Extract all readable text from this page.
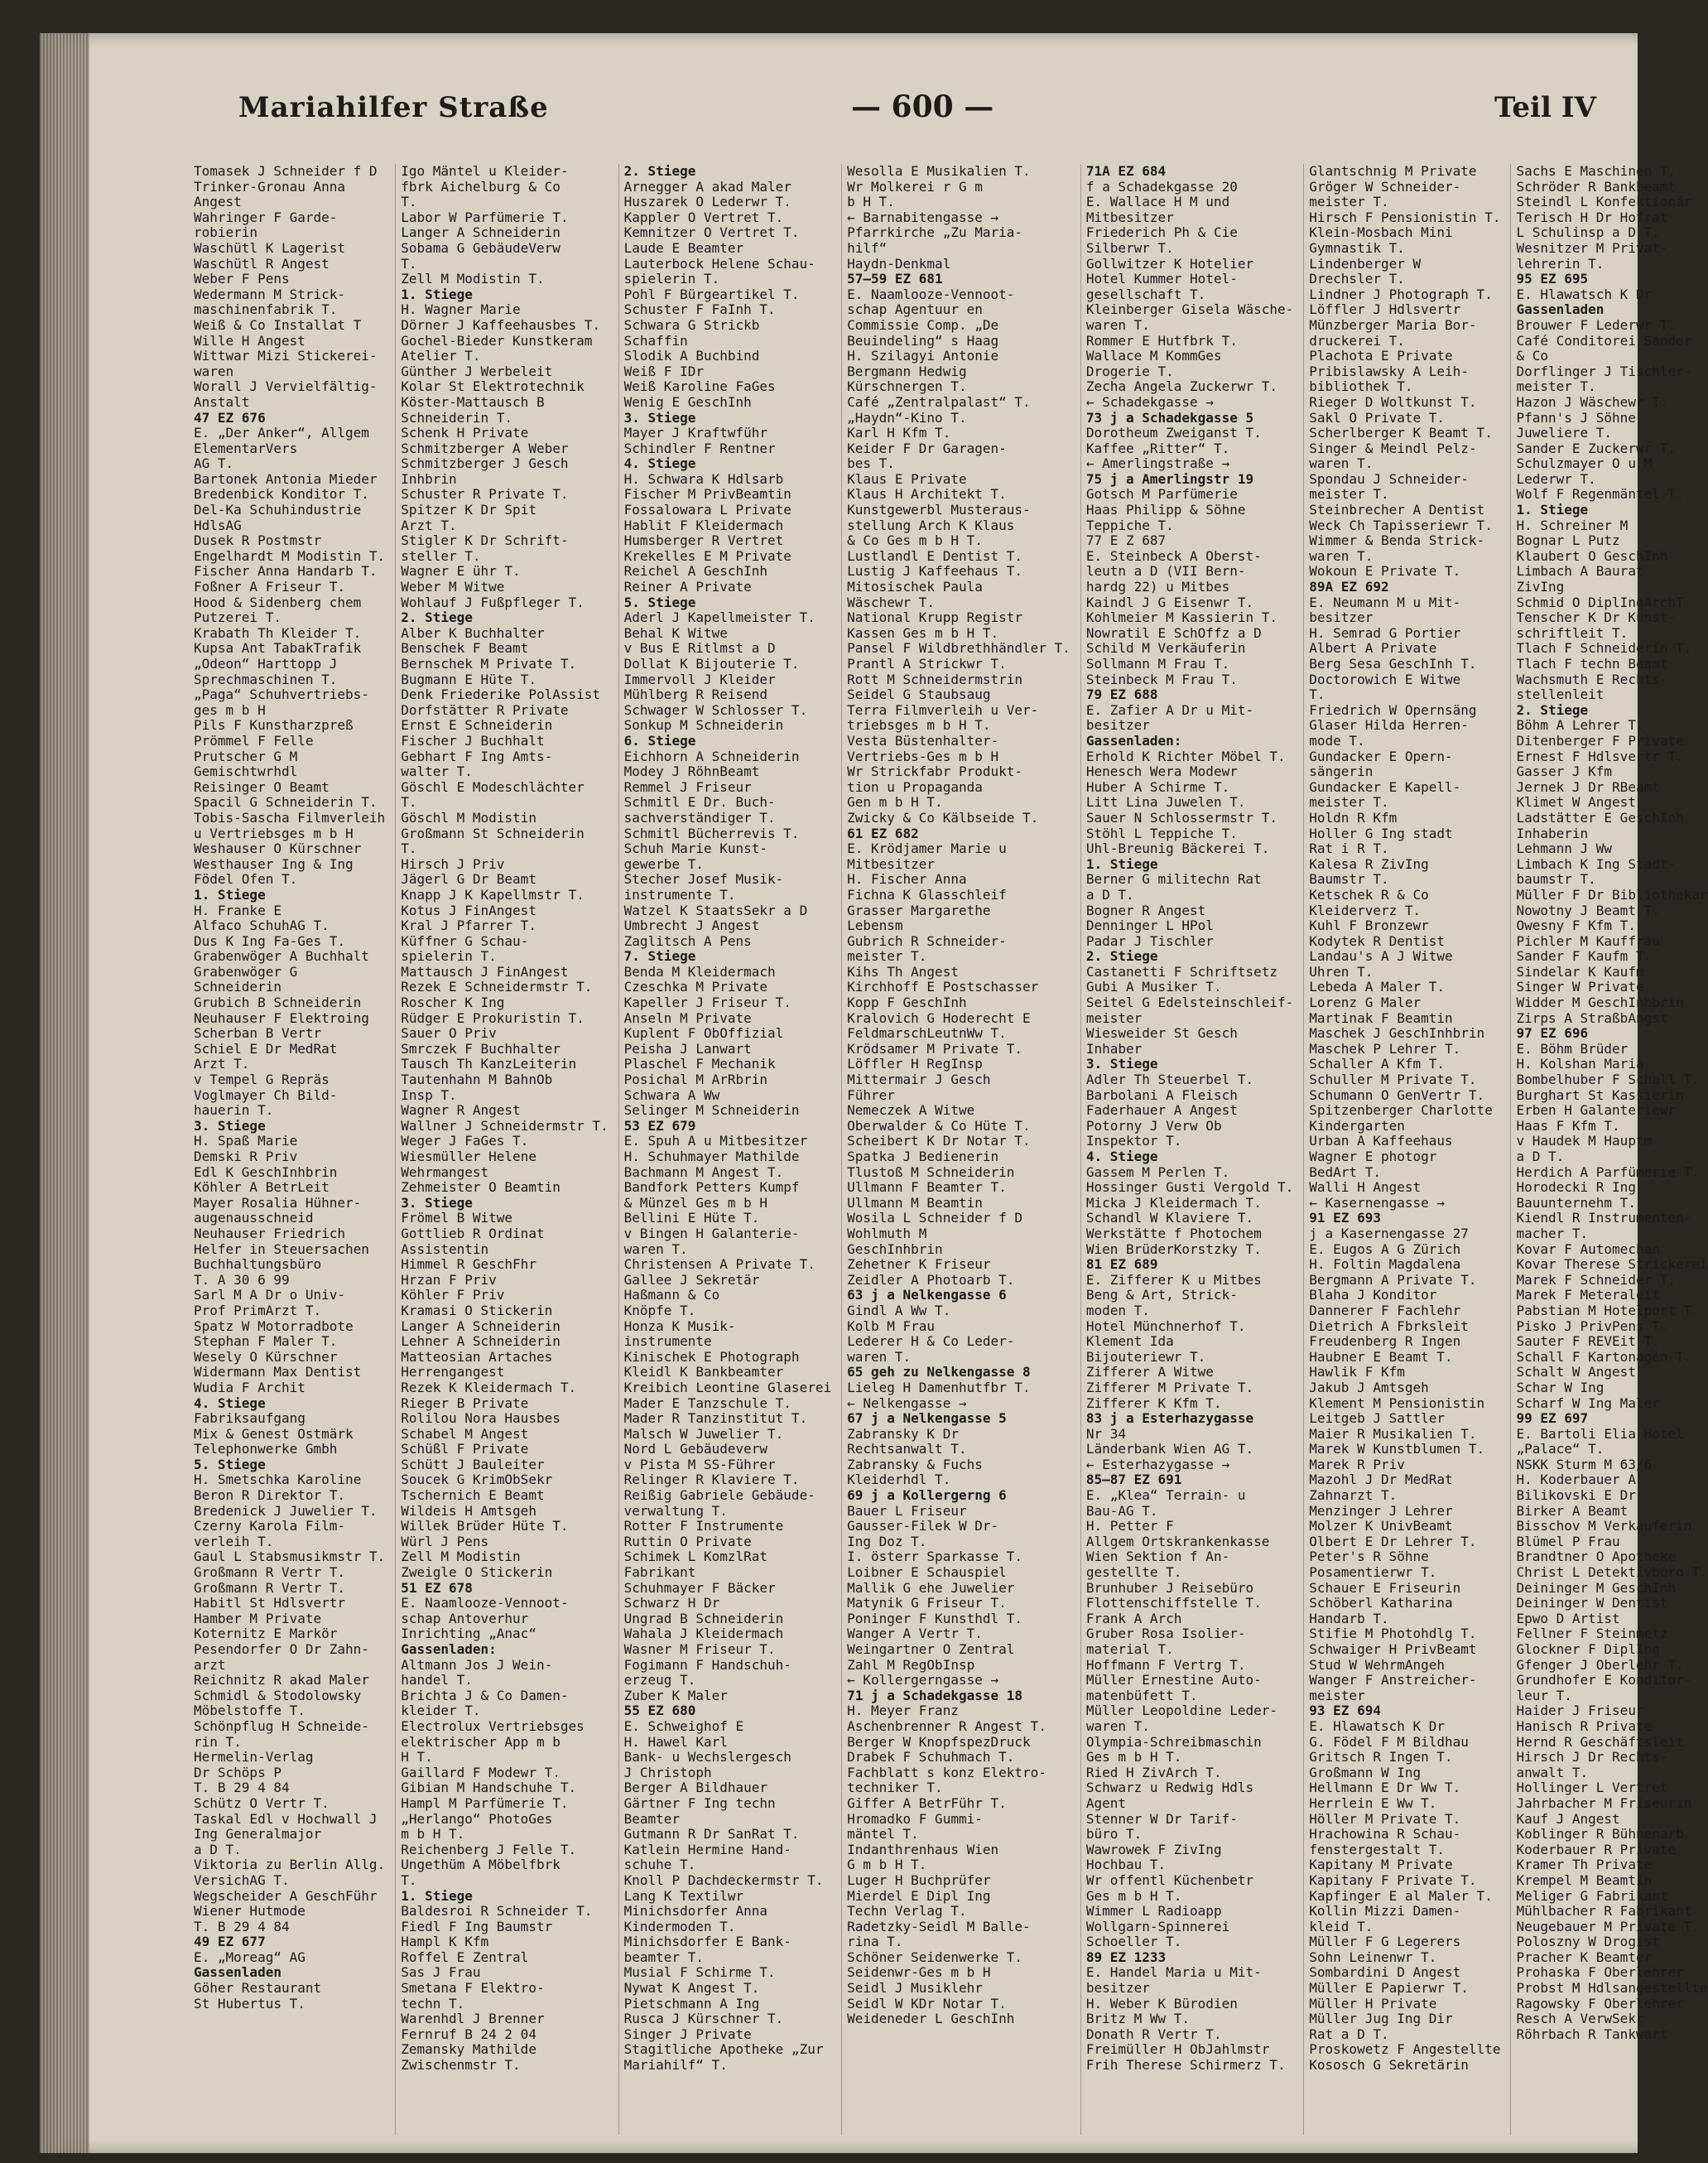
Mariahilfer Straße	— 600 —	Teil IV
Tomasek J Schneider f D
Trinker-Gronau Anna
Angest
Wahringer F Garde-
robierin
Waschütl K Lagerist
Waschütl R Angest
Weber F Pens
Wedermann M Strick-
maschinenfabrik T.
Weiß & Co Installat T
Wille H Angest
Wittwar Mizi Stickerei-
waren
Worall J Vervielfältig-
Anstalt
47 EZ 676
E. „Der Anker“, Allgem
ElementarVers
AG T.
Bartonek Antonia Mieder
Bredenbick Konditor T.
Del-Ka Schuhindustrie
HdlsAG
Dusek R Postmstr
Engelhardt M Modistin T.
Fischer Anna Handarb T.
Foßner A Friseur T.
Hood & Sidenberg chem
Putzerei T.
Krabath Th Kleider T.
Kupsa Ant TabakTrafik
„Odeon“ Harttopp J
Sprechmaschinen T.
„Paga“ Schuhvertriebs-
ges m b H
Pils F Kunstharzpreß
Prömmel F Felle
Prutscher G M
Gemischtwrhdl
Reisinger O Beamt
Spacil G Schneiderin T.
Tobis-Sascha Filmverleih
u Vertriebsges m b H
Weshauser O Kürschner
Westhauser Ing & Ing
Födel Ofen T.
1. Stiege
H. Franke E
Alfaco SchuhAG T.
Dus K Ing Fa-Ges T.
Grabenwöger A Buchhalt
Grabenwöger G
Schneiderin
Grubich B Schneiderin
Neuhauser F Elektroing
Scherban B Vertr
Schiel E Dr MedRat
Arzt T.
v Tempel G Repräs
Voglmayer Ch Bild-
hauerin T.
3. Stiege
H. Spaß Marie
Demski R Priv
Edl K GeschInhbrin
Köhler A BetrLeit
Mayer Rosalia Hühner-
augenausschneid
Neuhauser Friedrich
Helfer in Steuersachen
Buchhaltungsbüro
T. A 30 6 99
Sarl M A Dr o Univ-
Prof PrimArzt T.
Spatz W Motorradbote
Stephan F Maler T.
Wesely O Kürschner
Widermann Max Dentist
Wudia F Archit
4. Stiege
Fabriksaufgang
Mix & Genest Ostmärk
Telephonwerke Gmbh
5. Stiege
H. Smetschka Karoline
Beron R Direktor T.
Bredenick J Juwelier T.
Czerny Karola Film-
verleih T.
Gaul L Stabsmusikmstr T.
Großmann R Vertr T.
Großmann R Vertr T.
Habitl St Hdlsvertr
Hamber M Private
Koternitz E Markör
Pesendorfer O Dr Zahn-
arzt
Reichnitz R akad Maler
Schmidl & Stodolowsky
Möbelstoffe T.
Schönpflug H Schneide-
rin T.
Hermelin-Verlag
Dr Schöps P
T. B 29 4 84
Schütz O Vertr T.
Taskal Edl v Hochwall J
Ing Generalmajor
a D T.
Viktoria zu Berlin Allg.
VersichAG T.
Wegscheider A GeschFühr
Wiener Hutmode
T. B 29 4 84
49 EZ 677
E. „Moreag“ AG
Gassenladen
Göher Restaurant
St Hubertus T.
Igo Mäntel u Kleider-
fbrk Aichelburg & Co
T.
Labor W Parfümerie T.
Langer A Schneiderin
Sobama G GebäudeVerw
T.
Zell M Modistin T.
1. Stiege
H. Wagner Marie
Dörner J Kaffeehausbes T.
Gochel-Bieder Kunstkeram
Atelier T.
Günther J Werbeleit
Kolar St Elektrotechnik
Köster-Mattausch B
Schneiderin T.
Schenk H Private
Schmitzberger A Weber
Schmitzberger J Gesch
Inhbrin
Schuster R Private T.
Spitzer K Dr Spit
Arzt T.
Stigler K Dr Schrift-
steller T.
Wagner E ühr T.
Weber M Witwe
Wohlauf J Fußpfleger T.
2. Stiege
Alber K Buchhalter
Benschek F Beamt
Bernschek M Private T.
Bugmann E Hüte T.
Denk Friederike PolAssist
Dorfstätter R Private
Ernst E Schneiderin
Fischer J Buchhalt
Gebhart F Ing Amts-
walter T.
Göschl E Modeschlächter
T.
Göschl M Modistin
Großmann St Schneiderin
T.
Hirsch J Priv
Jägerl G Dr Beamt
Knapp J K Kapellmstr T.
Kotus J FinAngest
Kral J Pfarrer T.
Küffner G Schau-
spielerin T.
Mattausch J FinAngest
Rezek E Schneidermstr T.
Roscher K Ing
Rüdger E Prokuristin T.
Sauer O Priv
Smrczek F Buchhalter
Tausch Th KanzLeiterin
Tautenhahn M BahnOb
Insp T.
Wagner R Angest
Wallner J Schneidermstr T.
Weger J FaGes T.
Wiesmüller Helene
Wehrmangest
Zehmeister O Beamtin
3. Stiege
Frömel B Witwe
Gottlieb R Ordinat
Assistentin
Himmel R GeschFhr
Hrzan F Priv
Köhler F Priv
Kramasi O Stickerin
Langer A Schneiderin
Lehner A Schneiderin
Matteosian Artaches
Herrengangest
Rezek K Kleidermach T.
Rieger B Private
Rolilou Nora Hausbes
Schabel M Angest
Schüßl F Private
Schütt J Bauleiter
Soucek G KrimObSekr
Tschernich E Beamt
Wildeis H Amtsgeh
Willek Brüder Hüte T.
Würl J Pens
Zell M Modistin
Zweigle O Stickerin
51 EZ 678
E. Naamlooze-Vennoot-
schap Antoverhur
Inrichting „Anac“
Gassenladen:
Altmann Jos J Wein-
handel T.
Brichta J & Co Damen-
kleider T.
Electrolux Vertriebsges
elektrischer App m b
H T.
Gaillard F Modewr T.
Gibian M Handschuhe T.
Hampl M Parfümerie T.
„Herlango“ PhotoGes
m b H T.
Reichenberg J Felle T.
Ungethüm A Möbelfbrk
T.
1. Stiege
Baldesroi R Schneider T.
Fiedl F Ing Baumstr
Hampl K Kfm
Roffel E Zentral
Sas J Frau
Smetana F Elektro-
techn T.
Warenhdl J Brenner
Fernruf B 24 2 04
Zemansky Mathilde
Zwischenmstr T.
2. Stiege
Arnegger A akad Maler
Huszarek O Lederwr T.
Kappler O Vertret T.
Kemnitzer O Vertret T.
Laude E Beamter
Lauterbock Helene Schau-
spielerin T.
Pohl F Bürgeartikel T.
Schuster F FaInh T.
Schwara G Strickb
Schaffin
Slodik A Buchbind
Weiß F IDr
Weiß Karoline FaGes
Wenig E GeschInh
3. Stiege
Mayer J Kraftwführ
Schindler F Rentner
4. Stiege
H. Schwara K Hdlsarb
Fischer M PrivBeamtin
Fossalowara L Private
Hablit F Kleidermach
Humsberger R Vertret
Krekelles E M Private
Reichel A GeschInh
Reiner A Private
5. Stiege
Aderl J Kapellmeister T.
Behal K Witwe
v Bus E Ritlmst a D
Dollat K Bijouterie T.
Immervoll J Kleider
Mühlberg R Reisend
Schwager W Schlosser T.
Sonkup M Schneiderin
6. Stiege
Eichhorn A Schneiderin
Modey J RöhnBeamt
Remmel J Friseur
Schmitl E Dr. Buch-
sachverständiger T.
Schmitl Bücherrevis T.
Schuh Marie Kunst-
gewerbe T.
Stecher Josef Musik-
instrumente T.
Watzel K StaatsSekr a D
Umbrecht J Angest
Zaglitsch A Pens
7. Stiege
Benda M Kleidermach
Czeschka M Private
Kapeller J Friseur T.
Anseln M Private
Kuplent F ObOffizial
Peisha J Lanwart
Plaschel F Mechanik
Posichal M ArRbrin
Schwara A Ww
Selinger M Schneiderin
53 EZ 679
E. Spuh A u Mitbesitzer
H. Schuhmayer Mathilde
Bachmann M Angest T.
Bandfork Petters Kumpf
& Münzel Ges m b H
Bellini E Hüte T.
v Bingen H Galanterie-
waren T.
Christensen A Private T.
Gallee J Sekretär
Haßmann & Co
Knöpfe T.
Honza K Musik-
instrumente
Kinischek E Photograph
Kleidl K Bankbeamter
Kreibich Leontine Glaserei
Mader E Tanzschule T.
Mader R Tanzinstitut T.
Malsch W Juwelier T.
Nord L Gebäudeverw
v Pista M SS-Führer
Relinger R Klaviere T.
Reißig Gabriele Gebäude-
verwaltung T.
Rotter F Instrumente
Ruttin O Private
Schimek L KomzlRat
Fabrikant
Schuhmayer F Bäcker
Schwarz H Dr
Ungrad B Schneiderin
Wahala J Kleidermach
Wasner M Friseur T.
Fogimann F Handschuh-
erzeug T.
Zuber K Maler
55 EZ 680
E. Schweighof E
H. Hawel Karl
Bank- u Wechslergesch
J Christoph
Berger A Bildhauer
Gärtner F Ing techn
Beamter
Gutmann R Dr SanRat T.
Katlein Hermine Hand-
schuhe T.
Knoll P Dachdeckermstr T.
Lang K Textilwr
Minichsdorfer Anna
Kindermoden T.
Minichsdorfer E Bank-
beamter T.
Musial F Schirme T.
Nywat K Angest T.
Pietschmann A Ing
Rusca J Kürschner T.
Singer J Private
Stagitliche Apotheke „Zur
Mariahilf“ T.
Wesolla E Musikalien T.
Wr Molkerei r G m
b H T.
← Barnabitengasse →
Pfarrkirche „Zu Maria-
hilf“
Haydn-Denkmal
57—59 EZ 681
E. Naamlooze-Vennoot-
schap Agentuur en
Commissie Comp. „De
Beuindeling“ s Haag
H. Szilagyi Antonie
Bergmann Hedwig
Kürschnergen T.
Café „Zentralpalast“ T.
„Haydn“-Kino T.
Karl H Kfm T.
Keider F Dr Garagen-
bes T.
Klaus E Private
Klaus H Architekt T.
Kunstgewerbl Musteraus-
stellung Arch K Klaus
& Co Ges m b H T.
Lustlandl E Dentist T.
Lustig J Kaffeehaus T.
Mitosischek Paula
Wäschewr T.
National Krupp Registr
Kassen Ges m b H T.
Pansel F Wildbrethhändler T.
Prantl A Strickwr T.
Rott M Schneidermstrin
Seidel G Staubsaug
Terra Filmverleih u Ver-
triebsges m b H T.
Vesta Büstenhalter-
Vertriebs-Ges m b H
Wr Strickfabr Produkt-
tion u Propaganda
Gen m b H T.
Zwicky & Co Kälbseide T.
61 EZ 682
E. Krödjamer Marie u
Mitbesitzer
H. Fischer Anna
Fichna K Glasschleif
Grasser Margarethe
Lebensm
Gubrich R Schneider-
meister T.
Kihs Th Angest
Kirchhoff E Postschasser
Kopp F GeschInh
Kralovich G Hoderecht E
FeldmarschLeutnWw T.
Krödsamer M Private T.
Löffler H RegInsp
Mittermair J Gesch
Führer
Nemeczek A Witwe
Oberwalder & Co Hüte T.
Scheibert K Dr Notar T.
Spatka J Bedienerin
Tlustoß M Schneiderin
Ullmann F Beamter T.
Ullmann M Beamtin
Wosila L Schneider f D
Wohlmuth M
GeschInhbrin
Zehetner K Friseur
Zeidler A Photoarb T.
63 j a Nelkengasse 6
Gindl A Ww T.
Kolb M Frau
Lederer H & Co Leder-
waren T.
65 geh zu Nelkengasse 8
Lieleg H Damenhutfbr T.
← Nelkengasse →
67 j a Nelkengasse 5
Zabransky K Dr
Rechtsanwalt T.
Zabransky & Fuchs
Kleiderhdl T.
69 j a Kollergerng 6
Bauer L Friseur
Gausser-Filek W Dr-
Ing Doz T.
I. österr Sparkasse T.
Loibner E Schauspiel
Mallik G ehe Juwelier
Matynik G Friseur T.
Poninger F Kunsthdl T.
Wanger A Vertr T.
Weingartner O Zentral
Zahl M RegObInsp
← Kollergerngasse →
71 j a Schadekgasse 18
H. Meyer Franz
Aschenbrenner R Angest T.
Berger W KnopfspezDruck
Drabek F Schuhmach T.
Fachblatt s konz Elektro-
techniker T.
Giffer A BetrFühr T.
Hromadko F Gummi-
mäntel T.
Indanthrenhaus Wien
G m b H T.
Luger H Buchprüfer
Mierdel E Dipl Ing
Techn Verlag T.
Radetzky-Seidl M Balle-
rina T.
Schöner Seidenwerke T.
Seidenwr-Ges m b H
Seidl J Musiklehr
Seidl W KDr Notar T.
Weideneder L GeschInh
71A EZ 684
f a Schadekgasse 20
E. Wallace H M und
Mitbesitzer
Friederich Ph & Cie
Silberwr T.
Gollwitzer K Hotelier
Hotel Kummer Hotel-
gesellschaft T.
Kleinberger Gisela Wäsche-
waren T.
Rommer E Hutfbrk T.
Wallace M KommGes
Drogerie T.
Zecha Angela Zuckerwr T.
← Schadekgasse →
73 j a Schadekgasse 5
Dorotheum Zweiganst T.
Kaffee „Ritter“ T.
← Amerlingstraße →
75 j a Amerlingstr 19
Gotsch M Parfümerie
Haas Philipp & Söhne
Teppiche T.
77 E Z 687
E. Steinbeck A Oberst-
leutn a D (VII Bern-
hardg 22) u Mitbes
Kaindl J G Eisenwr T.
Kohlmeier M Kassierin T.
Nowratil E SchOffz a D
Schild M Verkäuferin
Sollmann M Frau T.
Steinbeck M Frau T.
79 EZ 688
E. Zafier A Dr u Mit-
besitzer
Gassenladen:
Erhold K Richter Möbel T.
Henesch Wera Modewr
Huber A Schirme T.
Litt Lina Juwelen T.
Sauer N Schlossermstr T.
Stöhl L Teppiche T.
Uhl-Breunig Bäckerei T.
1. Stiege
Berner G militechn Rat
a D T.
Bogner R Angest
Denninger L HPol
Padar J Tischler
2. Stiege
Castanetti F Schriftsetz
Gubi A Musiker T.
Seitel G Edelsteinschleif-
meister
Wiesweider St Gesch
Inhaber
3. Stiege
Adler Th Steuerbel T.
Barbolani A Fleisch
Faderhauer A Angest
Potorny J Verw Ob
Inspektor T.
4. Stiege
Gassem M Perlen T.
Hossinger Gusti Vergold T.
Micka J Kleidermach T.
Schandl W Klaviere T.
Werkstätte f Photochem
Wien BrüderKorstzky T.
81 EZ 689
E. Zifferer K u Mitbes
Beng & Art, Strick-
moden T.
Hotel Münchnerhof T.
Klement Ida
Bijouteriewr T.
Zifferer A Witwe
Zifferer M Private T.
Zifferer K Kfm T.
83 j a Esterhazygasse
Nr 34
Länderbank Wien AG T.
← Esterhazygasse →
85—87 EZ 691
E. „Klea“ Terrain- u
Bau-AG T.
H. Petter F
Allgem Ortskrankenkasse
Wien Sektion f An-
gestellte T.
Brunhuber J Reisebüro
Flottenschiffstelle T.
Frank A Arch
Gruber Rosa Isolier-
material T.
Hoffmann F Vertrg T.
Müller Ernestine Auto-
matenbüfett T.
Müller Leopoldine Leder-
waren T.
Olympia-Schreibmaschin
Ges m b H T.
Ried H ZivArch T.
Schwarz u Redwig Hdls
Agent
Stenner W Dr Tarif-
büro T.
Wawrowek F ZivIng
Hochbau T.
Wr offentl Küchenbetr
Ges m b H T.
Wimmer L Radioapp
Wollgarn-Spinnerei
Schoeller T.
89 EZ 1233
E. Handel Maria u Mit-
besitzer
H. Weber K Bürodien
Britz M Ww T.
Donath R Vertr T.
Freimüller H ObJahlmstr
Frih Therese Schirmerz T.
Glantschnig M Private
Gröger W Schneider-
meister T.
Hirsch F Pensionistin T.
Klein-Mosbach Mini
Gymnastik T.
Lindenberger W
Drechsler T.
Lindner J Photograph T.
Löffler J Hdlsvertr
Münzberger Maria Bor-
druckerei T.
Plachota E Private
Pribislawsky A Leih-
bibliothek T.
Rieger D Woltkunst T.
Sakl O Private T.
Scherlberger K Beamt T.
Singer & Meindl Pelz-
waren T.
Spondau J Schneider-
meister T.
Steinbrecher A Dentist
Weck Ch Tapisseriewr T.
Wimmer & Benda Strick-
waren T.
Wokoun E Private T.
89A EZ 692
E. Neumann M u Mit-
besitzer
H. Semrad G Portier
Albert A Private
Berg Sesa GeschInh T.
Doctorowich E Witwe
T.
Friedrich W Opernsäng
Glaser Hilda Herren-
mode T.
Gundacker E Opern-
sängerin
Gundacker E Kapell-
meister T.
Holdn R Kfm
Holler G Ing stadt
Rat i R T.
Kalesa R ZivIng
Baumstr T.
Ketschek R & Co
Kleiderverz T.
Kuhl F Bronzewr
Kodytek R Dentist
Landau's A J Witwe
Uhren T.
Lebeda A Maler T.
Lorenz G Maler
Martinak F Beamtin
Maschek J GeschInhbrin
Maschek P Lehrer T.
Schaller A Kfm T.
Schuller M Private T.
Schumann O GenVertr T.
Spitzenberger Charlotte
Kindergarten
Urban A Kaffeehaus
Wagner E photogr
BedArt T.
Walli H Angest
← Kasernengasse →
91 EZ 693
j a Kasernengasse 27
E. Eugos A G Zürich
H. Foltin Magdalena
Bergmann A Private T.
Blaha J Konditor
Dannerer F Fachlehr
Dietrich A Fbrksleit
Freudenberg R Ingen
Haubner E Beamt T.
Hawlik F Kfm
Jakub J Amtsgeh
Klement M Pensionistin
Leitgeb J Sattler
Maier R Musikalien T.
Marek W Kunstblumen T.
Marek R Priv
Mazohl J Dr MedRat
Zahnarzt T.
Menzinger J Lehrer
Molzer K UnivBeamt
Olbert E Dr Lehrer T.
Peter's R Söhne
Posamentierwr T.
Schauer E Friseurin
Schöberl Katharina
Handarb T.
Stifie M Photohdlg T.
Schwaiger H PrivBeamt
Stud W WehrmAngeh
Wanger F Anstreicher-
meister
93 EZ 694
E. Hlawatsch K Dr
G. Födel F M Bildhau
Gritsch R Ingen T.
Großmann W Ing
Hellmann E Dr Ww T.
Herrlein E Ww T.
Höller M Private T.
Hrachowina R Schau-
fenstergestalt T.
Kapitany M Private
Kapitany F Private T.
Kapfinger E al Maler T.
Kollin Mizzi Damen-
kleid T.
Müller F G Legerers
Sohn Leinenwr T.
Sombardini D Angest
Müller E Papierwr T.
Müller H Private
Müller Jug Ing Dir
Rat a D T.
Proskowetz F Angestellte
Kososch G Sekretärin
Sachs E Maschinen T.
Schröder R Bankbeamt
Steindl L Konfektionär
Terisch H Dr Hofrat
L Schulinsp a D T.
Wesnitzer M Privat-
lehrerin T.
95 EZ 695
E. Hlawatsch K Dr
Gassenladen
Brouwer F Lederwr T.
Café Conditorei Sander
& Co
Dorflinger J Tischler-
meister T.
Hazon J Wäschewr T.
Pfann's J Söhne
Juweliere T.
Sander E Zuckerwr T.
Schulzmayer O u M
Lederwr T.
Wolf F Regenmäntel T.
1. Stiege
H. Schreiner M
Bognar L Putz
Klaubert O GeschInh
Limbach A Baurat
ZivIng
Schmid O DiplIngArchT.
Tenscher K Dr Kunst-
schriftleit T.
Tlach F Schneiderin T.
Tlach F techn Beamt
Wachsmuth E Rechts-
stellenleit
2. Stiege
Böhm A Lehrer T.
Ditenberger F Private
Ernest F Hdlsvertr T.
Gasser J Kfm
Jernek J Dr RBeamt
Klimet W Angest
Ladstätter E GeschInh
Inhaberin
Lehmann J Ww
Limbach K Ing Stadt-
baumstr T.
Müller F Dr Bibliothekar
Nowotny J Beamt T.
Owesny F Kfm T.
Pichler M Kauffrau
Sander F Kaufm T.
Sindelar K Kaufm
Singer W Private
Widder M GeschInhbrin
Zirps A StraßbAngst
97 EZ 696
E. Böhm Brüder
H. Kolshan Maria
Bombelhuber F Schall T.
Burghart St Kassierin
Erben H Galanteriewr
Haas F Kfm T.
v Haudek M Hauptm
a D T.
Herdich A Parfümerie T.
Horodecki R Ing
Bauunternehm T.
Kiendl R Instrumenten-
macher T.
Kovar F Automechan
Kovar Therese Strickerei
Marek F Schneider T.
Marek F Meteraleit
Pabstian M Hotelport T.
Pisko J PrivPens T.
Sauter F REVEit T.
Schall F Kartonagen T.
Schalt W Angest
Schar W Ing
Scharf W Ing Maler
99 EZ 697
E. Bartoli Elia Hotel
„Palace“ T.
NSKK Sturm M 63/6
H. Koderbauer A
Bilikovski E Dr
Birker A Beamt
Bisschov M Verkäuferin
Blümel P Frau
Brandtner O Apotheke
Christ L Detektivbüro T.
Deininger M GeschInh
Deininger W Dentist
Epwo D Artist
Fellner F Steinmetz
Glockner F DiplIng
Gfenger J Oberlehr T.
Grundhofer E Konditor-
leur T.
Haider J Friseur
Hanisch R Private
Hernd R Geschäftsleit
Hirsch J Dr Rechts-
anwalt T.
Hollinger L Vertret
Jahrbacher M Friseurin
Kauf J Angest
Koblinger R Bühnenarb
Koderbauer R Private
Kramer Th Private
Krempel M Beamtin
Meliger G Fabrikant
Mühlbacher R Fabrikant
Neugebauer M Private T.
Poloszny W Drogist
Pracher K Beamter
Prohaska F Oberlehrer
Probst M Hdlsangestellte
Ragowsky F Oberlehrer
Resch A VerwSekr
Röhrbach R Tankwart
